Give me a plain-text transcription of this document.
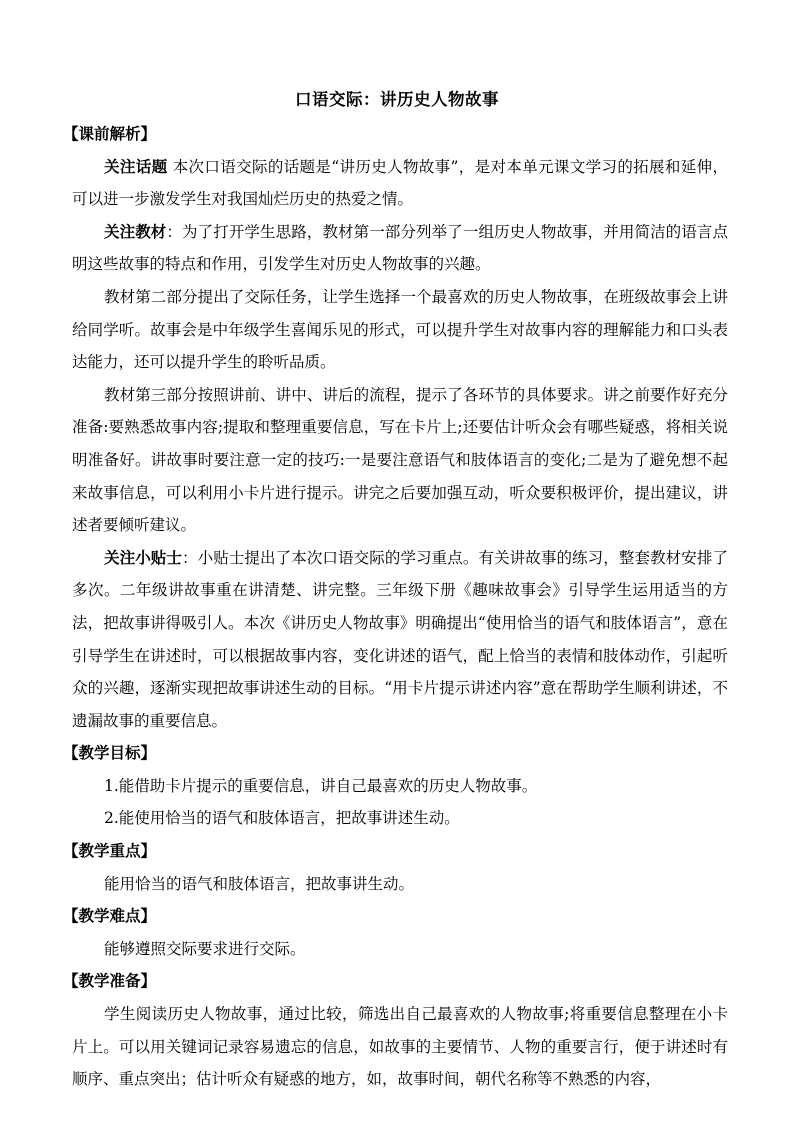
口语交际：讲历史人物故事
【课前解析】
关注话题 本次口语交际的话题是“讲历史人物故事”，是对本单元课文学习的拓展和延伸，可以进一步激发学生对我国灿烂历史的热爱之情。
关注教材：为了打开学生思路，教材第一部分列举了一组历史人物故事，并用简洁的语言点明这些故事的特点和作用，引发学生对历史人物故事的兴趣。
教材第二部分提出了交际任务，让学生选择一个最喜欢的历史人物故事，在班级故事会上讲给同学听。故事会是中年级学生喜闻乐见的形式，可以提升学生对故事内容的理解能力和口头表达能力，还可以提升学生的聆听品质。
教材第三部分按照讲前、讲中、讲后的流程，提示了各环节的具体要求。讲之前要作好充分准备:要熟悉故事内容;提取和整理重要信息，写在卡片上;还要估计听众会有哪些疑惑，将相关说明准备好。讲故事时要注意一定的技巧:一是要注意语气和肢体语言的变化;二是为了避免想不起来故事信息，可以利用小卡片进行提示。讲完之后要加强互动，听众要积极评价，提出建议，讲述者要倾听建议。
关注小贴士：小贴士提出了本次口语交际的学习重点。有关讲故事的练习，整套教材安排了多次。二年级讲故事重在讲清楚、讲完整。三年级下册《趣味故事会》引导学生运用适当的方法，把故事讲得吸引人。本次《讲历史人物故事》明确提出“使用恰当的语气和肢体语言”，意在引导学生在讲述时，可以根据故事内容，变化讲述的语气，配上恰当的表情和肢体动作，引起听众的兴趣，逐渐实现把故事讲述生动的目标。“用卡片提示讲述内容”意在帮助学生顺利讲述，不遗漏故事的重要信息。
【教学目标】
1.能借助卡片提示的重要信息，讲自己最喜欢的历史人物故事。
2.能使用恰当的语气和肢体语言，把故事讲述生动。
【教学重点】
能用恰当的语气和肢体语言，把故事讲生动。
【教学难点】
能够遵照交际要求进行交际。
【教学准备】
学生阅读历史人物故事，通过比较，筛选出自己最喜欢的人物故事;将重要信息整理在小卡片上。可以用关键词记录容易遗忘的信息，如故事的主要情节、人物的重要言行，便于讲述时有顺序、重点突出；估计听众有疑惑的地方，如，故事时间，朝代名称等不熟悉的内容，
